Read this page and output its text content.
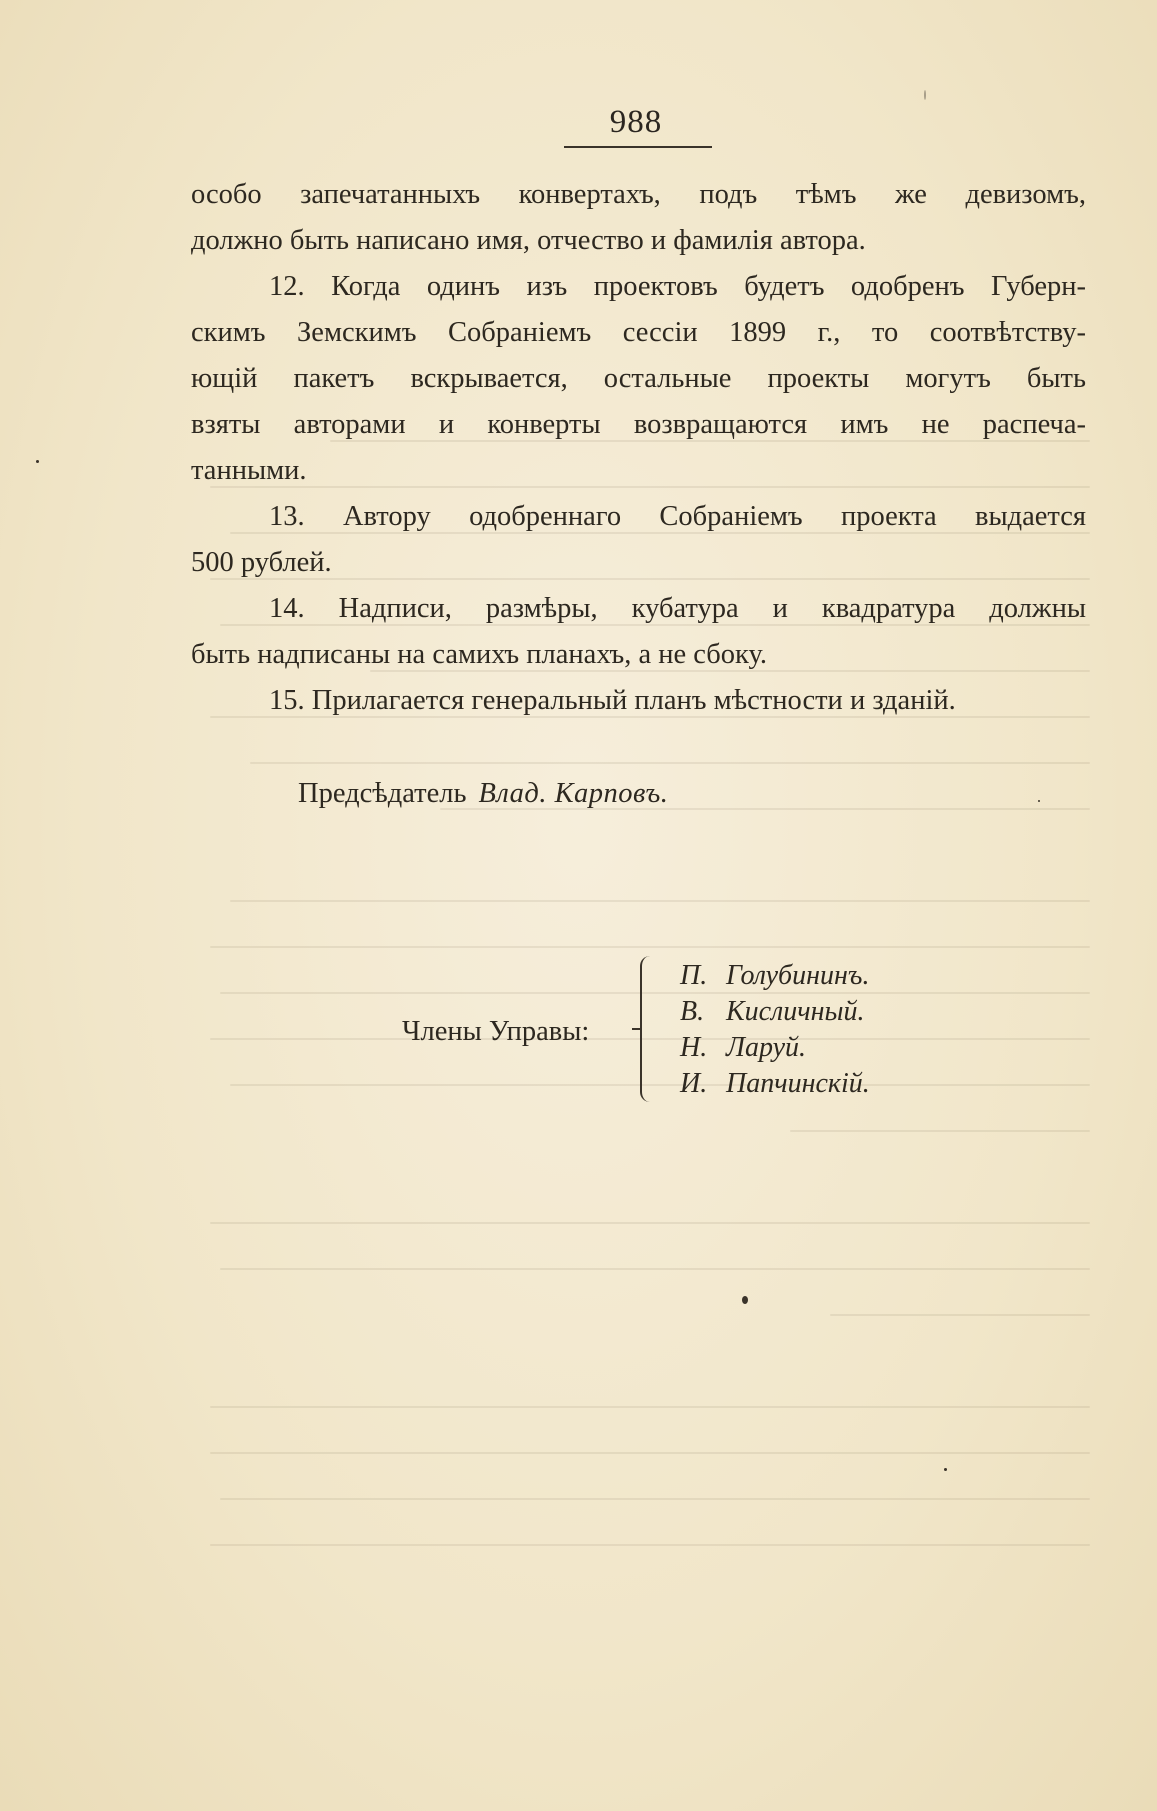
988

особо запечатанныхъ конвертахъ, подъ тѣмъ же девизомъ,
должно быть написано имя, отчество и фамилія автора.

12. Когда одинъ изъ проектовъ будетъ одобренъ Губерн-
скимъ Земскимъ Собраніемъ сессіи 1899 г., то соотвѣтству-
ющій пакетъ вскрывается, остальные проекты могутъ быть
взяты авторами и конверты возвращаются имъ не распеча-
танными.

13. Автору одобреннаго Собраніемъ проекта выдается
500 рублей.

14. Надписи, размѣры, кубатура и квадратура должны
быть надписаны на самихъ планахъ, а не сбоку.

15. Прилагается генеральный планъ мѣстности и зданій.

Предсѣдатель Влад. Карповъ.
Члены Управы:
П. Голубининъ.
В. Кисличный.
Н. Ларуй.
И. Папчинскій.
